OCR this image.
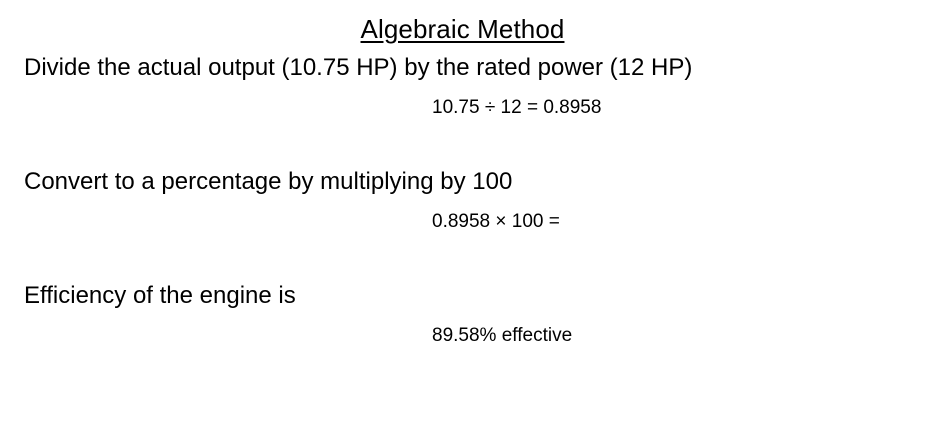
Algebraic Method
Divide the actual output (10.75 HP) by the rated power (12 HP)
10.75 ÷ 12 = 0.8958
Convert to a percentage by multiplying by 100
0.8958 × 100 =
Efficiency of the engine is
89.58% effective
